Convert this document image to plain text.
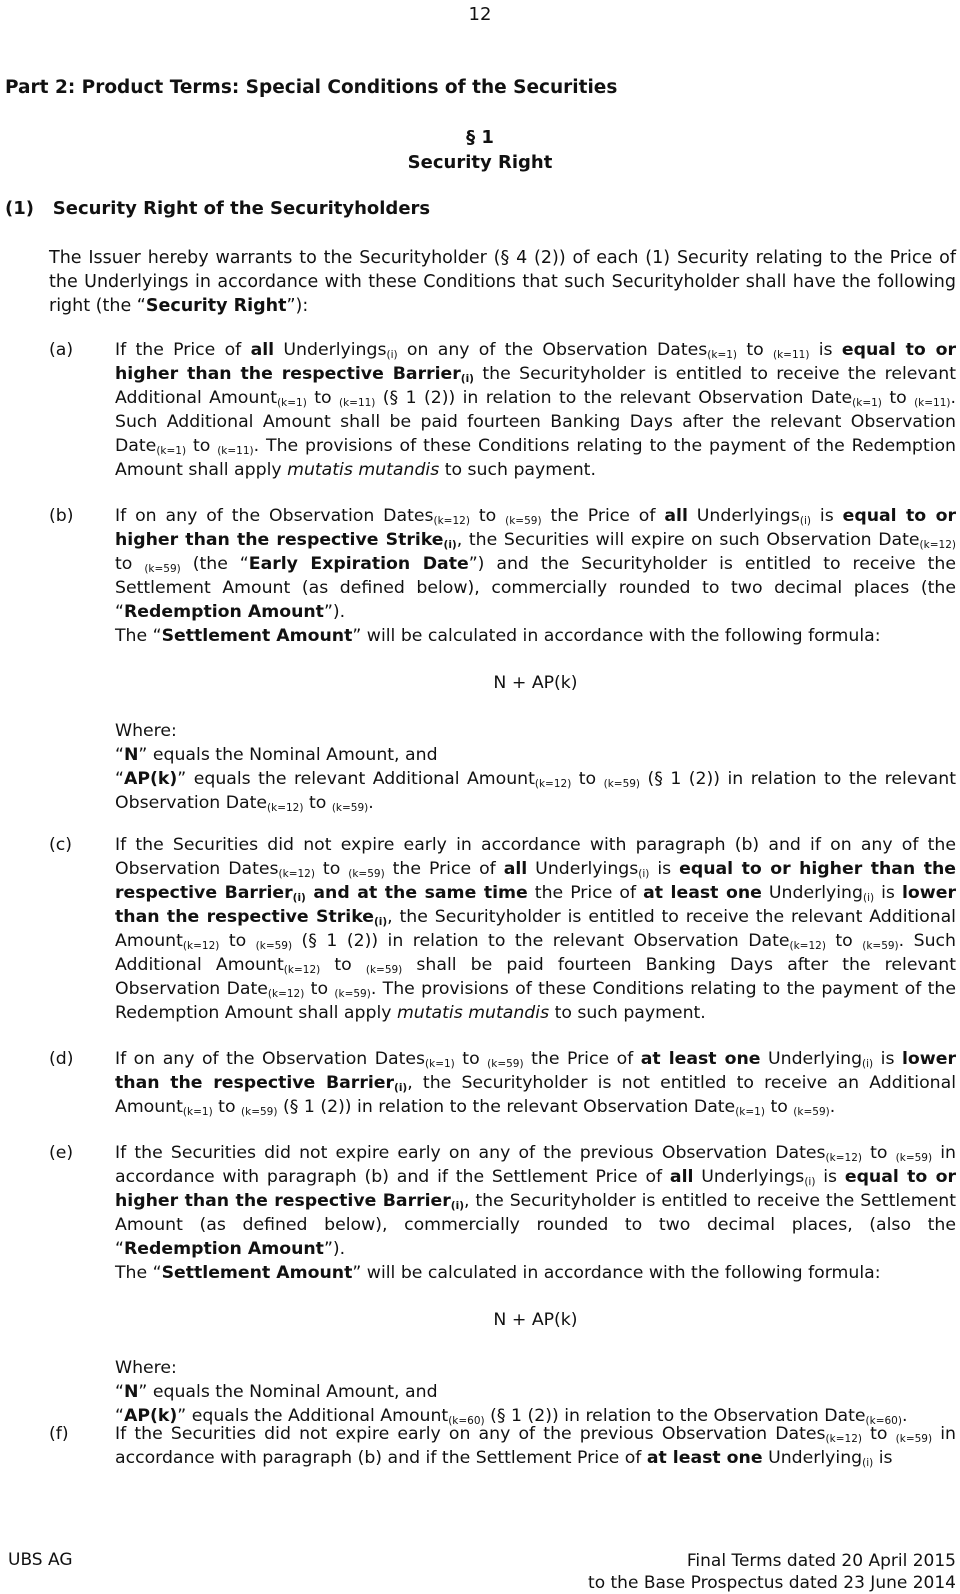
12
Part 2: Product Terms: Special Conditions of the Securities
§ 1
Security Right
(1)   Security Right of the Securityholders
The Issuer hereby warrants to the Securityholder (§ 4 (2)) of each (1) Security relating to the Price of the Underlyings in accordance with these Conditions that such Securityholder shall have the following right (the “Security Right”):
(a) If the Price of all Underlyings$_{(i)}$ on any of the Observation Dates$_{(k=1)}$ to $_{(k=11)}$ is equal to or higher than the respective Barrier$_{(i)}$ the Securityholder is entitled to receive the relevant Additional Amount$_{(k=1)}$ to $_{(k=11)}$ (§ 1 (2)) in relation to the relevant Observation Date$_{(k=1)}$ to $_{(k=11)}$. Such Additional Amount shall be paid fourteen Banking Days after the relevant Observation Date$_{(k=1)}$ to $_{(k=11)}$. The provisions of these Conditions relating to the payment of the Redemption Amount shall apply mutatis mutandis to such payment.

(b) If on any of the Observation Dates$_{(k=12)}$ to $_{(k=59)}$ the Price of all Underlyings$_{(i)}$ is equal to or higher than the respective Strike$_{(i)}$, the Securities will expire on such Observation Date$_{(k=12)}$ to $_{(k=59)}$ (the “Early Expiration Date”) and the Securityholder is entitled to receive the Settlement Amount (as defined below), commercially rounded to two decimal places (the “Redemption Amount”).

The “Settlement Amount” will be calculated in accordance with the following formula:

N + AP(k)

Where:

“N” equals the Nominal Amount, and

“AP(k)” equals the relevant Additional Amount$_{(k=12)}$ to $_{(k=59)}$ (§ 1 (2)) in relation to the relevant Observation Date$_{(k=12)}$ to $_{(k=59)}$.

(c) If the Securities did not expire early in accordance with paragraph (b) and if on any of the Observation Dates$_{(k=12)}$ to $_{(k=59)}$ the Price of all Underlyings$_{(i)}$ is equal to or higher than the respective Barrier$_{(i)}$ and at the same time the Price of at least one Underlying$_{(i)}$ is lower than the respective Strike$_{(i)}$, the Securityholder is entitled to receive the relevant Additional Amount$_{(k=12)}$ to $_{(k=59)}$ (§ 1 (2)) in relation to the relevant Observation Date$_{(k=12)}$ to $_{(k=59)}$. Such Additional Amount$_{(k=12)}$ to $_{(k=59)}$ shall be paid fourteen Banking Days after the relevant Observation Date$_{(k=12)}$ to $_{(k=59)}$. The provisions of these Conditions relating to the payment of the Redemption Amount shall apply mutatis mutandis to such payment.

(d) If on any of the Observation Dates$_{(k=1)}$ to $_{(k=59)}$ the Price of at least one Underlying$_{(i)}$ is lower than the respective Barrier$_{(i)}$, the Securityholder is not entitled to receive an Additional Amount$_{(k=1)}$ to $_{(k=59)}$ (§ 1 (2)) in relation to the relevant Observation Date$_{(k=1)}$ to $_{(k=59)}$.

(e) If the Securities did not expire early on any of the previous Observation Dates$_{(k=12)}$ to $_{(k=59)}$ in accordance with paragraph (b) and if the Settlement Price of all Underlyings$_{(i)}$ is equal to or higher than the respective Barrier$_{(i)}$, the Securityholder is entitled to receive the Settlement Amount (as defined below), commercially rounded to two decimal places, (also the “Redemption Amount”).

The “Settlement Amount” will be calculated in accordance with the following formula:

N + AP(k)

Where:

“N” equals the Nominal Amount, and

“AP(k)” equals the Additional Amount$_{(k=60)}$ (§ 1 (2)) in relation to the Observation Date$_{(k=60)}$.

(f)	If the Securities did not expire early on any of the previous Observation Dates$_{(k=12)}$ to $_{(k=59)}$ in accordance with paragraph (b) and if the Settlement Price of at least one Underlying$_{(i)}$ is

UBS AG	Final Terms dated 20 April 2015
to the Base Prospectus dated 23 June 2014
